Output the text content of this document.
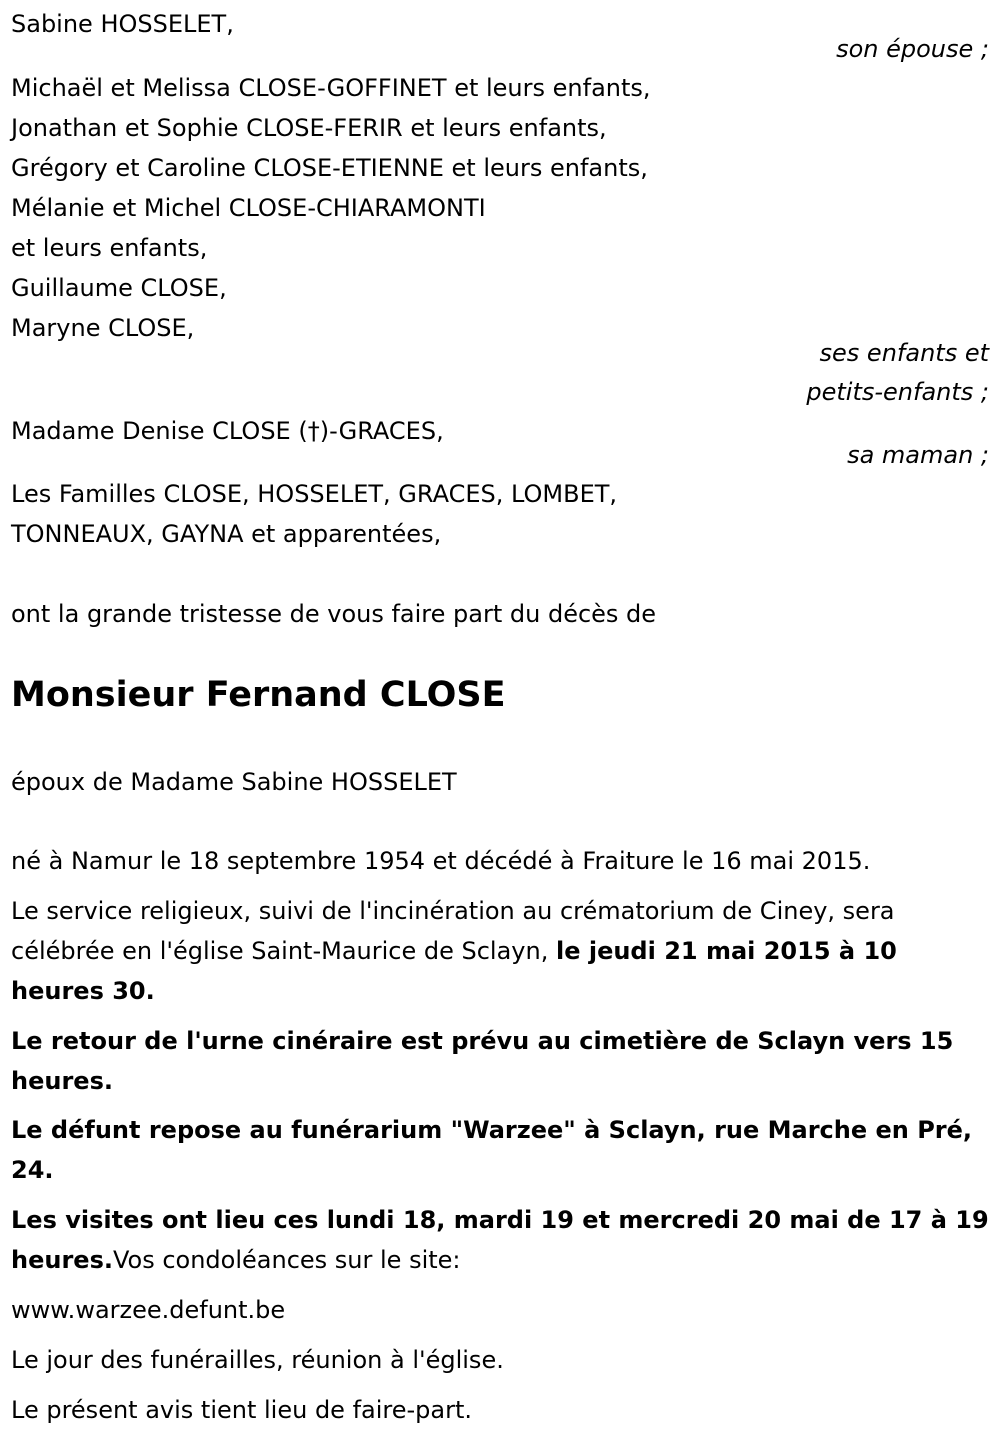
Sabine HOSSELET,
son épouse ;
Michaël et Melissa CLOSE-GOFFINET et leurs enfants,
Jonathan et Sophie CLOSE-FERIR et leurs enfants,
Grégory et Caroline CLOSE-ETIENNE et leurs enfants,
Mélanie et Michel CLOSE-CHIARAMONTI
et leurs enfants,
Guillaume CLOSE,
Maryne CLOSE,
ses enfants et
petits-enfants ;
Madame Denise CLOSE (†)-GRACES,
sa maman ;
Les Familles CLOSE, HOSSELET, GRACES, LOMBET,
TONNEAUX, GAYNA et apparentées,
ont la grande tristesse de vous faire part du décès de
Monsieur Fernand CLOSE
époux de Madame Sabine HOSSELET
né à Namur le 18 septembre 1954 et décédé à Fraiture le 16 mai 2015.
Le service religieux, suivi de l'incinération au crématorium de Ciney, sera
célébrée en l'église Saint-Maurice de Sclayn, le jeudi 21 mai 2015 à 10
heures 30.
Le retour de l'urne cinéraire est prévu au cimetière de Sclayn vers 15
heures.
Le défunt repose au funérarium "Warzee" à Sclayn, rue Marche en Pré,
24.
Les visites ont lieu ces lundi 18, mardi 19 et mercredi 20 mai de 17 à 19
heures.Vos condoléances sur le site:
www.warzee.defunt.be
Le jour des funérailles, réunion à l'église.
Le présent avis tient lieu de faire-part.
